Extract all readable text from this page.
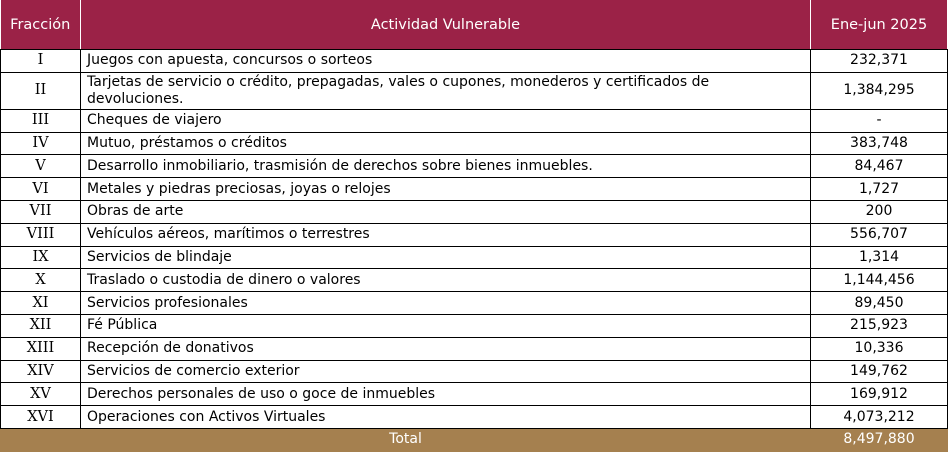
Fracción	Actividad Vulnerable	Ene-jun 2025
I	Juegos con apuesta, concursos o sorteos	232,371
II	Tarjetas de servicio o crédito, prepagadas, vales o cupones, monederos y certificados de devoluciones.	1,384,295
III	Cheques de viajero	-
IV	Mutuo, préstamos o créditos	383,748
V	Desarrollo inmobiliario, trasmisión de derechos sobre bienes inmuebles.	84,467
VI	Metales y piedras preciosas, joyas o relojes	1,727
VII	Obras de arte	200
VIII	Vehículos aéreos, marítimos o terrestres	556,707
IX	Servicios de blindaje	1,314
X	Traslado o custodia de dinero o valores	1,144,456
XI	Servicios profesionales	89,450
XII	Fé Pública	215,923
XIII	Recepción de donativos	10,336
XIV	Servicios de comercio exterior	149,762
XV	Derechos personales de uso o goce de inmuebles	169,912
XVI	Operaciones con Activos Virtuales	4,073,212
Total		8,497,880
